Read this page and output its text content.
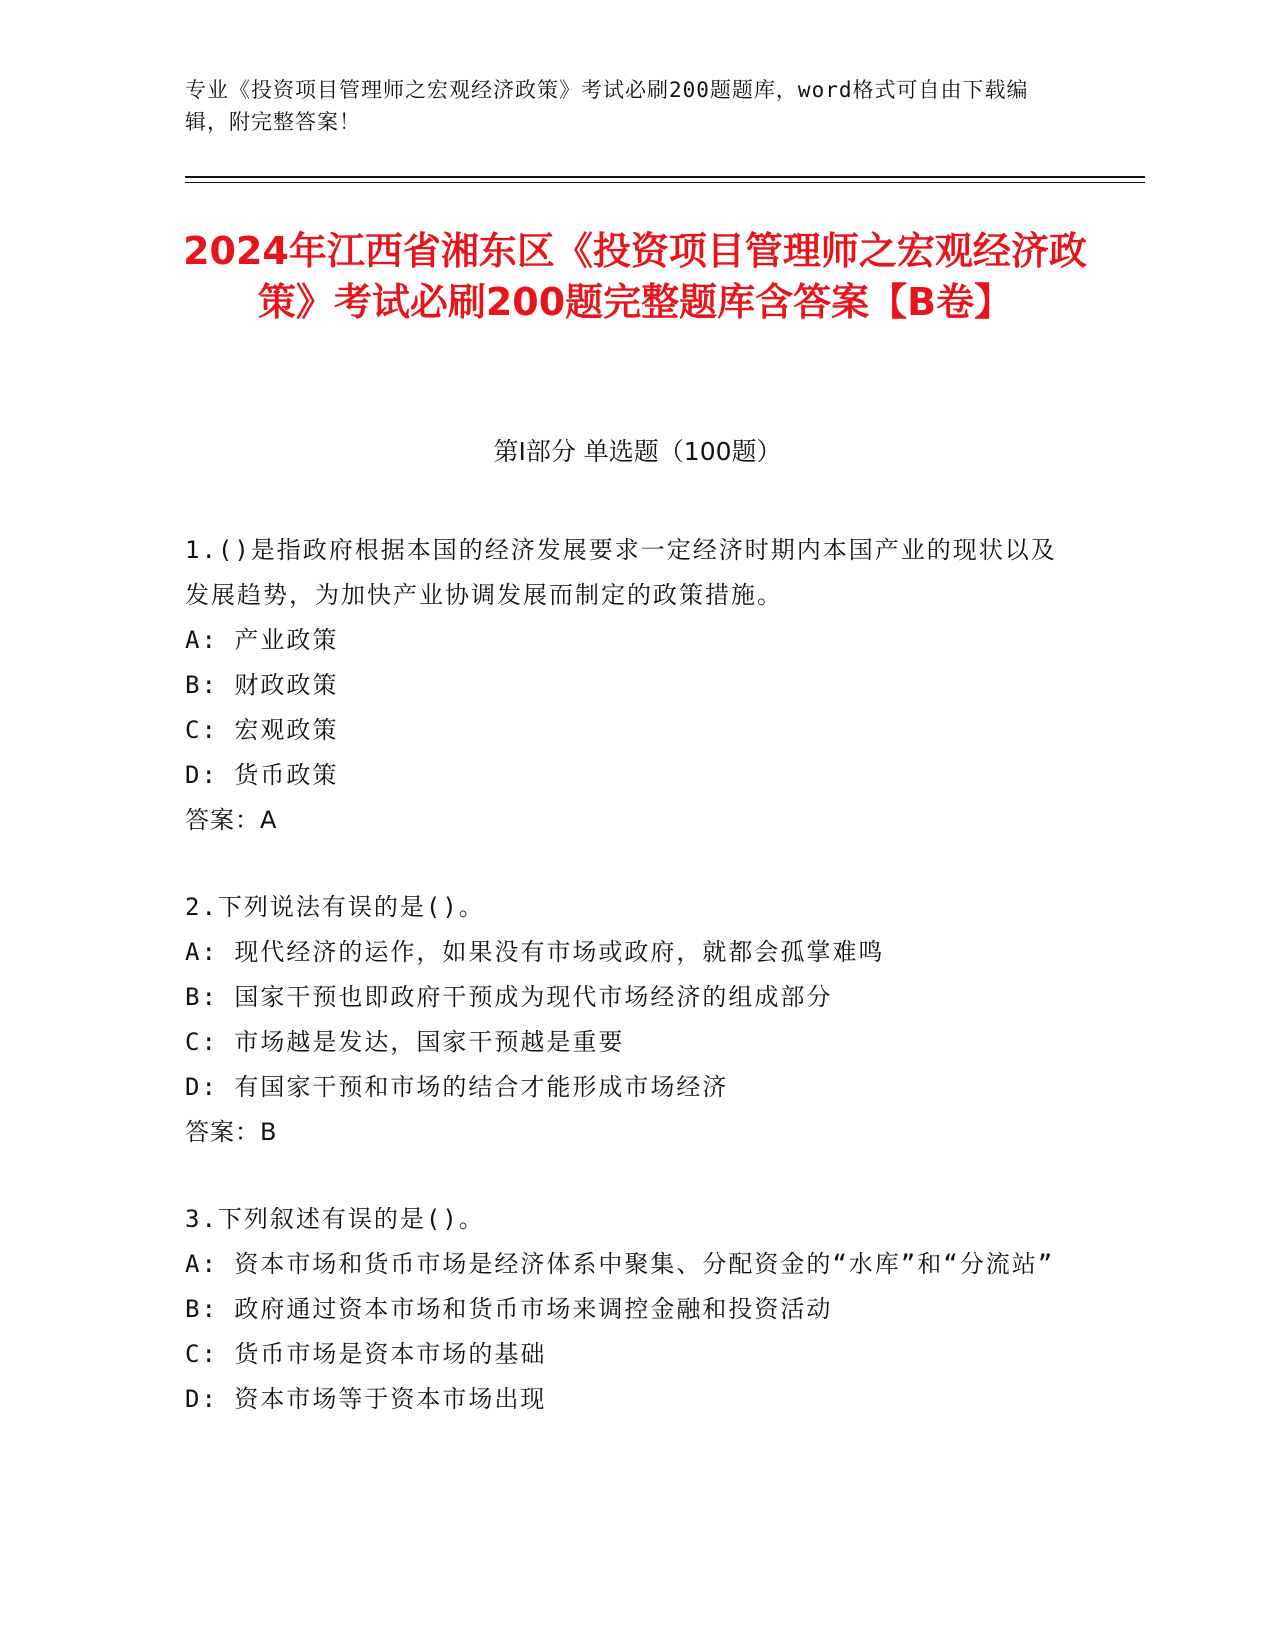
专业《投资项目管理师之宏观经济政策》考试必刷200题题库，word格式可自由下载编辑，附完整答案！
2024年江西省湘东区《投资项目管理师之宏观经济政策》考试必刷200题完整题库含答案【B卷】
第I部分 单选题（100题）
1.()是指政府根据本国的经济发展要求一定经济时期内本国产业的现状以及发展趋势，为加快产业协调发展而制定的政策措施。
A: 产业政策
B: 财政政策
C: 宏观政策
D: 货币政策
答案：A
2.下列说法有误的是()。
A: 现代经济的运作，如果没有市场或政府，就都会孤掌难鸣
B: 国家干预也即政府干预成为现代市场经济的组成部分
C: 市场越是发达，国家干预越是重要
D: 有国家干预和市场的结合才能形成市场经济
答案：B
3.下列叙述有误的是()。
A: 资本市场和货币市场是经济体系中聚集、分配资金的“水库”和“分流站”
B: 政府通过资本市场和货币市场来调控金融和投资活动
C: 货币市场是资本市场的基础
D: 资本市场等于资本市场出现
